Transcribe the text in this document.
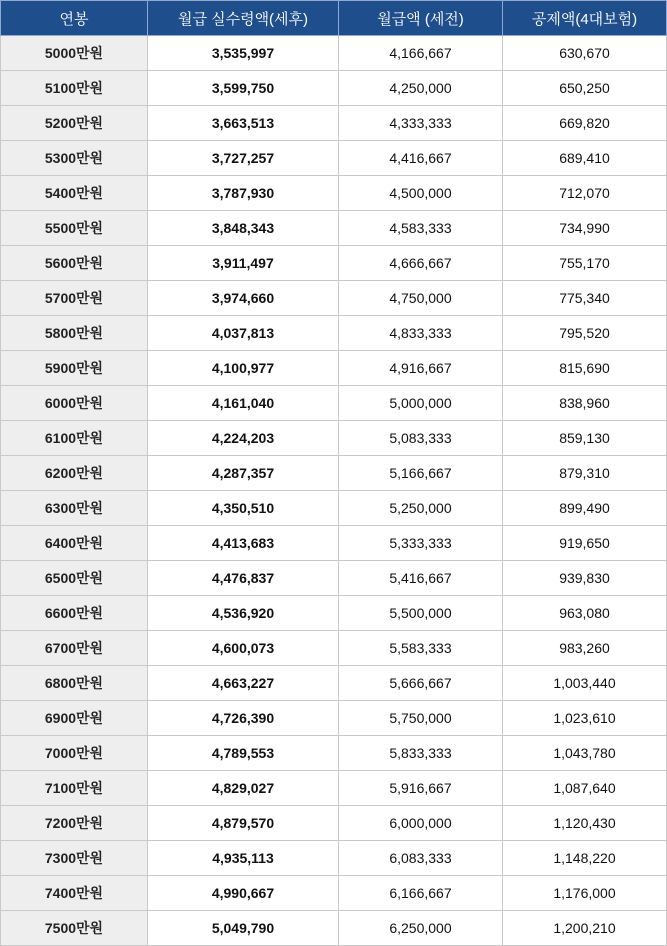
연봉	월급 실수령액(세후)	월급액 (세전)	공제액(4대보험)
5000만원	3,535,997	4,166,667	630,670
5100만원	3,599,750	4,250,000	650,250
5200만원	3,663,513	4,333,333	669,820
5300만원	3,727,257	4,416,667	689,410
5400만원	3,787,930	4,500,000	712,070
5500만원	3,848,343	4,583,333	734,990
5600만원	3,911,497	4,666,667	755,170
5700만원	3,974,660	4,750,000	775,340
5800만원	4,037,813	4,833,333	795,520
5900만원	4,100,977	4,916,667	815,690
6000만원	4,161,040	5,000,000	838,960
6100만원	4,224,203	5,083,333	859,130
6200만원	4,287,357	5,166,667	879,310
6300만원	4,350,510	5,250,000	899,490
6400만원	4,413,683	5,333,333	919,650
6500만원	4,476,837	5,416,667	939,830
6600만원	4,536,920	5,500,000	963,080
6700만원	4,600,073	5,583,333	983,260
6800만원	4,663,227	5,666,667	1,003,440
6900만원	4,726,390	5,750,000	1,023,610
7000만원	4,789,553	5,833,333	1,043,780
7100만원	4,829,027	5,916,667	1,087,640
7200만원	4,879,570	6,000,000	1,120,430
7300만원	4,935,113	6,083,333	1,148,220
7400만원	4,990,667	6,166,667	1,176,000
7500만원	5,049,790	6,250,000	1,200,210
